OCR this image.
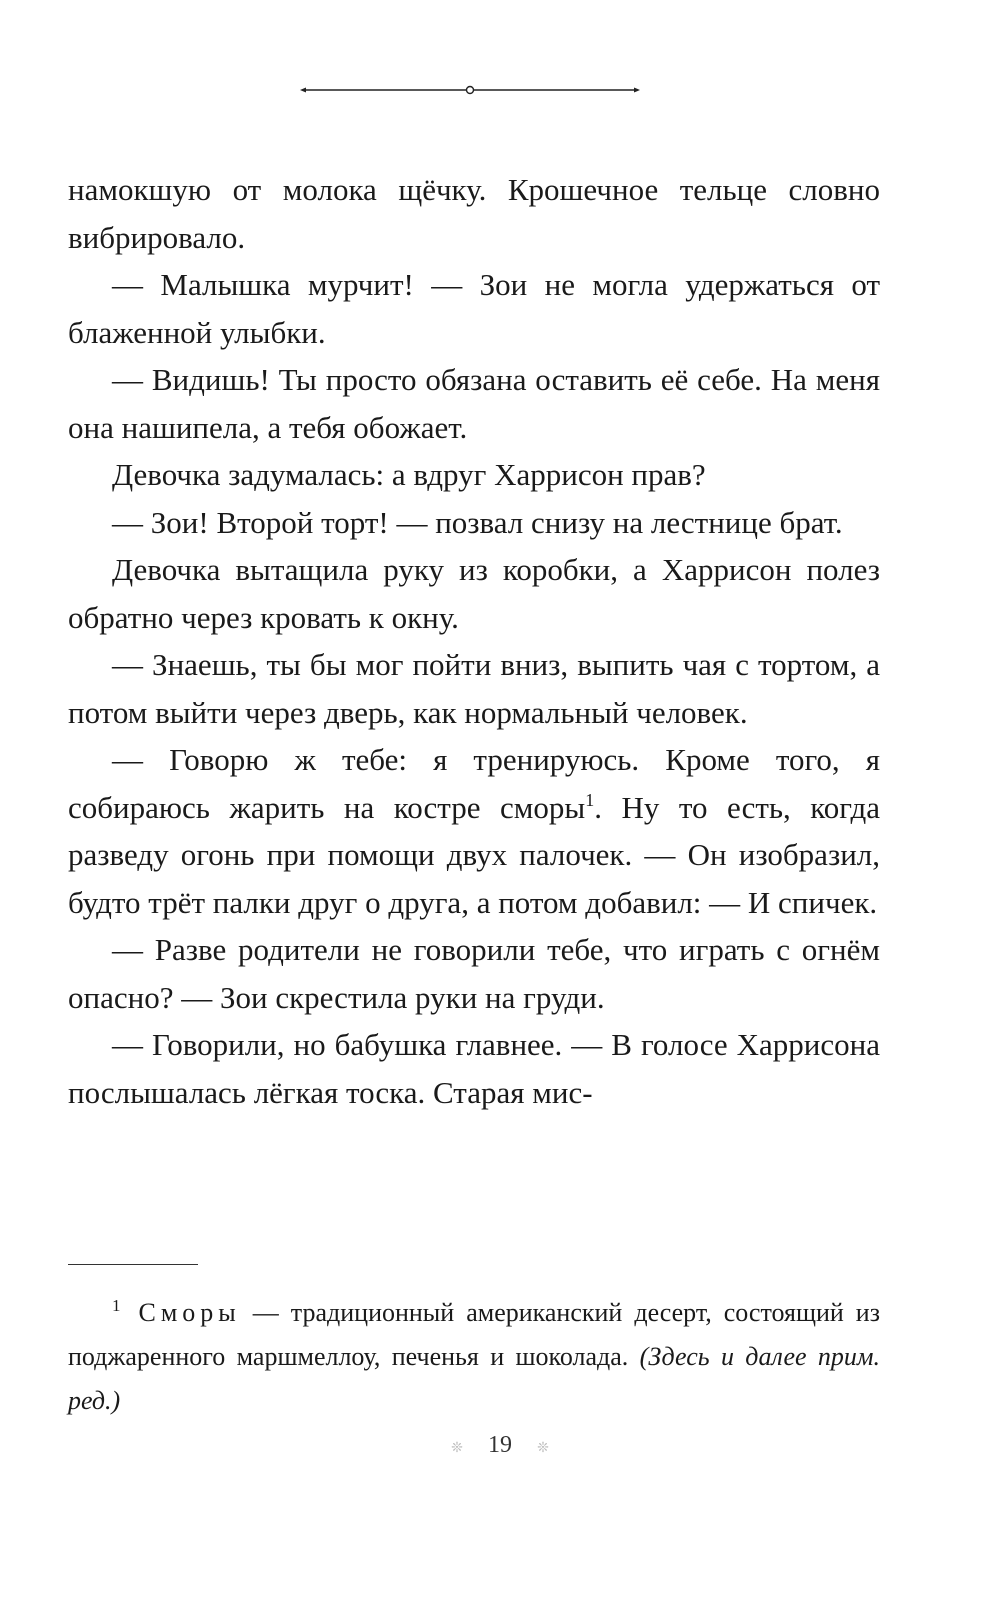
намокшую от молока щёчку. Крошечное тельце словно вибрировало.

— Малышка мурчит! — Зои не могла удержаться от блаженной улыбки.

— Видишь! Ты просто обязана оставить её себе. На меня она нашипела, а тебя обожает.

Девочка задумалась: а вдруг Харрисон прав?

— Зои! Второй торт! — позвал снизу на лестнице брат.

Девочка вытащила руку из коробки, а Харрисон полез обратно через кровать к окну.

— Знаешь, ты бы мог пойти вниз, выпить чая с тортом, а потом выйти через дверь, как нормальный человек.

— Говорю ж тебе: я тренируюсь. Кроме того, я собираюсь жарить на костре сморы$^1$. Ну то есть, когда разведу огонь при помощи двух палочек. — Он изобразил, будто трёт палки друг о друга, а потом добавил: — И спичек.

— Разве родители не говорили тебе, что играть с огнём опасно? — Зои скрестила руки на груди.

— Говорили, но бабушка главнее. — В голосе Харрисона послышалась лёгкая тоска. Старая мис-

$^1$ Сморы — традиционный американский десерт, состоящий из поджаренного маршмеллоу, печенья и шоколада. (Здесь и далее прим. ред.)
❊ 19 ❊
